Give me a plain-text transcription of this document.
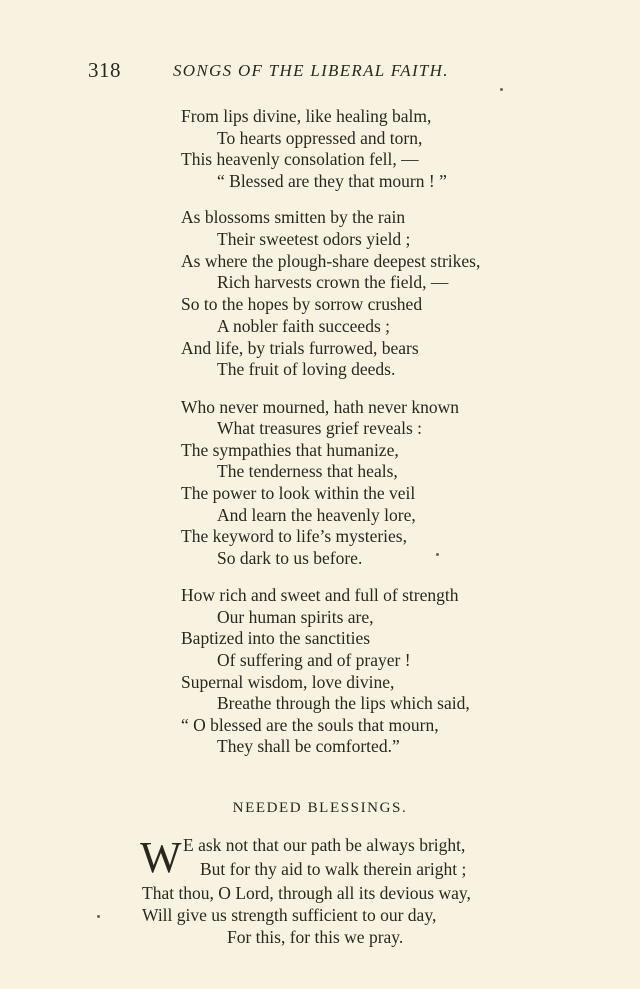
318	SONGS OF THE LIBERAL FAITH.
From lips divine, like healing balm,
To hearts oppressed and torn,
This heavenly consolation fell, —
“ Blessed are they that mourn ! ”
As blossoms smitten by the rain
Their sweetest odors yield ;
As where the plough-share deepest strikes,
Rich harvests crown the field, —
So to the hopes by sorrow crushed
A nobler faith succeeds ;
And life, by trials furrowed, bears
The fruit of loving deeds.
Who never mourned, hath never known
What treasures grief reveals :
The sympathies that humanize,
The tenderness that heals,
The power to look within the veil
And learn the heavenly lore,
The keyword to life’s mysteries,
So dark to us before.
How rich and sweet and full of strength
Our human spirits are,
Baptized into the sanctities
Of suffering and of prayer !
Supernal wisdom, love divine,
Breathe through the lips which said,
“ O blessed are the souls that mourn,
They shall be comforted.”
NEEDED BLESSINGS.
W E ask not that our path be always bright,
But for thy aid to walk therein aright ;
That thou, O Lord, through all its devious way,
Will give us strength sufficient to our day,
For this, for this we pray.
